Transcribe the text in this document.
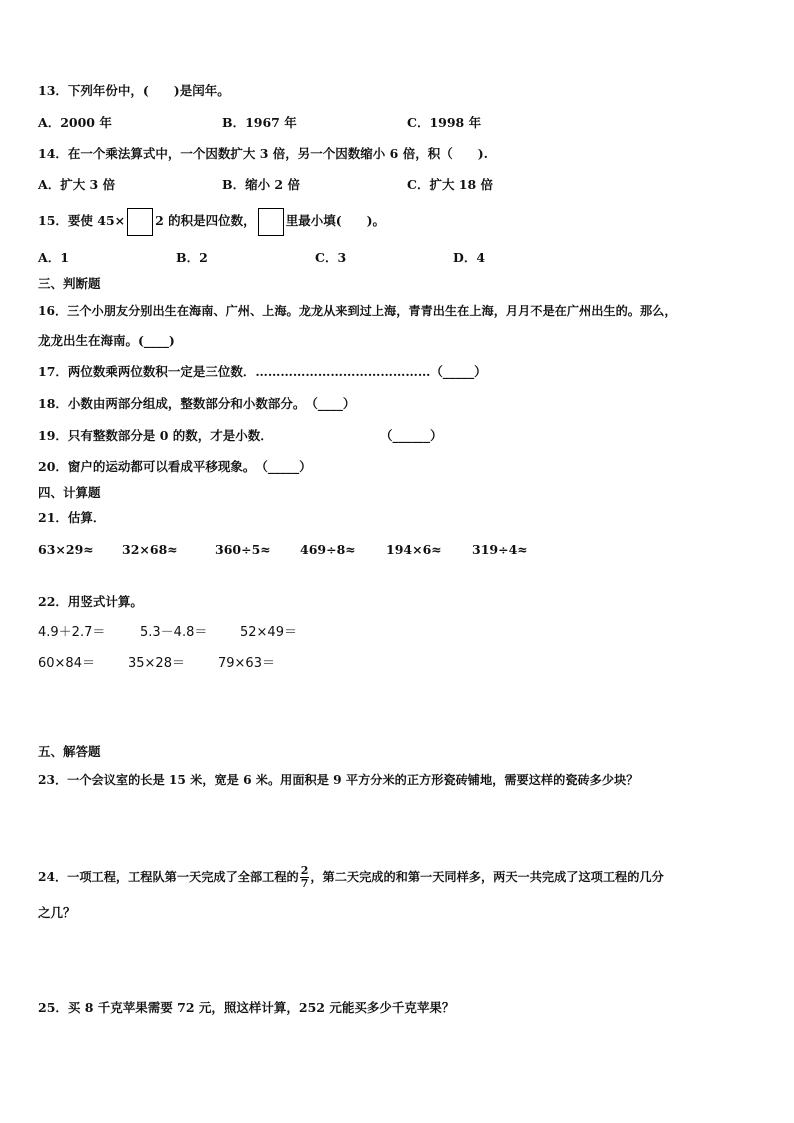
13．下列年份中，(　　)是闰年。
A．2000 年	B．1967 年	C．1998 年
14．在一个乘法算式中，一个因数扩大 3 倍，另一个因数缩小 6 倍，积（　　).
A．扩大 3 倍	B．缩小 2 倍	C．扩大 18 倍
15．要使 45× 2 的积是四位数， 里最小填(　　)。
A．1	B．2	C．3	D．4
三、判断题
16．三个小朋友分别出生在海南、广州、上海。龙龙从来到过上海，青青出生在上海，月月不是在广州出生的。那么，
龙龙出生在海南。(____)
17．两位数乘两位数积一定是三位数．……………………………………（_____）
18．小数由两部分组成，整数部分和小数部分。　（____）
19．只有整数部分是 0 的数，才是小数．	（______）
20．窗户的运动都可以看成平移现象。　（_____）
四、计算题
21．估算．
63×29≈ 32×68≈	360÷5≈ 469÷8≈ 194×6≈ 319÷4≈
22．用竖式计算。
4.9＋2.7＝	5.3－4.8＝	52×49＝
60×84＝	35×28＝	79×63＝
五、解答题
23．一个会议室的长是 15 米，宽是 6 米。用面积是 9 平方分米的正方形瓷砖铺地，需要这样的瓷砖多少块？
24．一项工程，工程队第一天完成了全部工程的 $\frac{2}{7}$ ，第二天完成的和第一天同样多，两天一共完成了这项工程的几分
之几？
25．买 8 千克苹果需要 72 元，照这样计算，252 元能买多少千克苹果？
